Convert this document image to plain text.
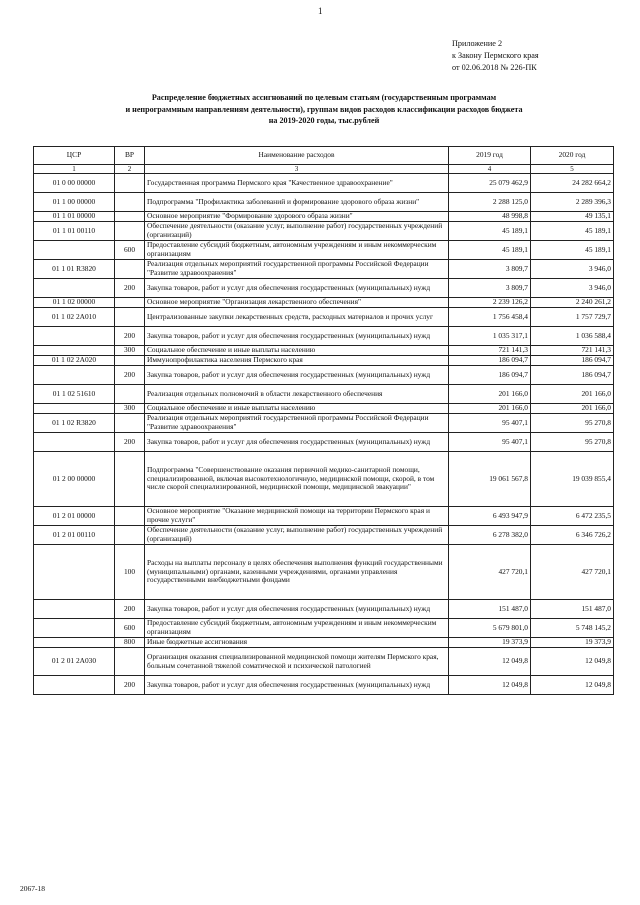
1
Приложение 2
к Закону Пермского края
от 02.06.2018 № 226-ПК
Распределение бюджетных ассигнований по целевым статьям (государственным программам
и непрограммным направлениям деятельности), группам видов расходов классификации расходов бюджета
на 2019-2020 годы, тыс.рублей
ЦСР	ВР	Наименование расходов	2019 год	2020 год
1	2	3	4	5
01 0 00 00000		Государственная программа Пермского края "Качественное здравоохранение"	25 079 462,9	24 282 664,2
01 1 00 00000		Подпрограмма "Профилактика заболеваний и формирование здорового образа жизни"	2 288 125,0	2 289 396,3
01 1 01 00000		Основное мероприятие "Формирование здорового образа жизни"	48 998,8	49 135,1
01 1 01 00110		Обеспечение деятельности (оказание услуг, выполнение работ) государственных учреждений (организаций)	45 189,1	45 189,1
	600	Предоставление субсидий бюджетным, автономным учреждениям и иным некоммерческим организациям	45 189,1	45 189,1
01 1 01 R3820		Реализация отдельных мероприятий государственной программы Российской Федерации "Развитие здравоохранения"	3 809,7	3 946,0
	200	Закупка товаров, работ и услуг для обеспечения государственных (муниципальных) нужд	3 809,7	3 946,0
01 1 02 00000		Основное мероприятие "Организация лекарственного обеспечения"	2 239 126,2	2 240 261,2
01 1 02 2А010		Централизованные закупки лекарственных средств, расходных материалов и прочих услуг	1 756 458,4	1 757 729,7
	200	Закупка товаров, работ и услуг для обеспечения государственных (муниципальных) нужд	1 035 317,1	1 036 588,4
	300	Социальное обеспечение и иные выплаты населению	721 141,3	721 141,3
01 1 02 2А020		Иммунопрофилактика населения Пермского края	186 094,7	186 094,7
	200	Закупка товаров, работ и услуг для обеспечения государственных (муниципальных) нужд	186 094,7	186 094,7
01 1 02 51610		Реализация отдельных полномочий в области лекарственного обеспечения	201 166,0	201 166,0
	300	Социальное обеспечение и иные выплаты населению	201 166,0	201 166,0
01 1 02 R3820		Реализация отдельных мероприятий государственной программы Российской Федерации "Развитие здравоохранения"	95 407,1	95 270,8
	200	Закупка товаров, работ и услуг для обеспечения государственных (муниципальных) нужд	95 407,1	95 270,8
01 2 00 00000		Подпрограмма "Совершенствование оказания первичной медико-санитарной помощи, специализированной, включая высокотехнологичную, медицинской помощи, скорой, в том числе скорой специализированной, медицинской помощи, медицинской эвакуации"	19 061 567,8	19 039 855,4
01 2 01 00000		Основное мероприятие "Оказание медицинской помощи на территории Пермского края и прочие услуги"	6 493 947,9	6 472 235,5
01 2 01 00110		Обеспечение деятельности (оказание услуг, выполнение работ) государственных учреждений (организаций)	6 278 382,0	6 346 726,2
	100	Расходы на выплаты персоналу в целях обеспечения выполнения функций государственными (муниципальными) органами, казенными учреждениями, органами управления государственными внебюджетными фондами	427 720,1	427 720,1
	200	Закупка товаров, работ и услуг для обеспечения государственных (муниципальных) нужд	151 487,0	151 487,0
	600	Предоставление субсидий бюджетным, автономным учреждениям и иным некоммерческим организациям	5 679 801,0	5 748 145,2
	800	Иные бюджетные ассигнования	19 373,9	19 373,9
01 2 01 2А030		Организация оказания специализированной медицинской помощи жителям Пермского края, больным сочетанной тяжелой соматической и психической патологией	12 049,8	12 049,8
	200	Закупка товаров, работ и услуг для обеспечения государственных (муниципальных) нужд	12 049,8	12 049,8
2067-18
